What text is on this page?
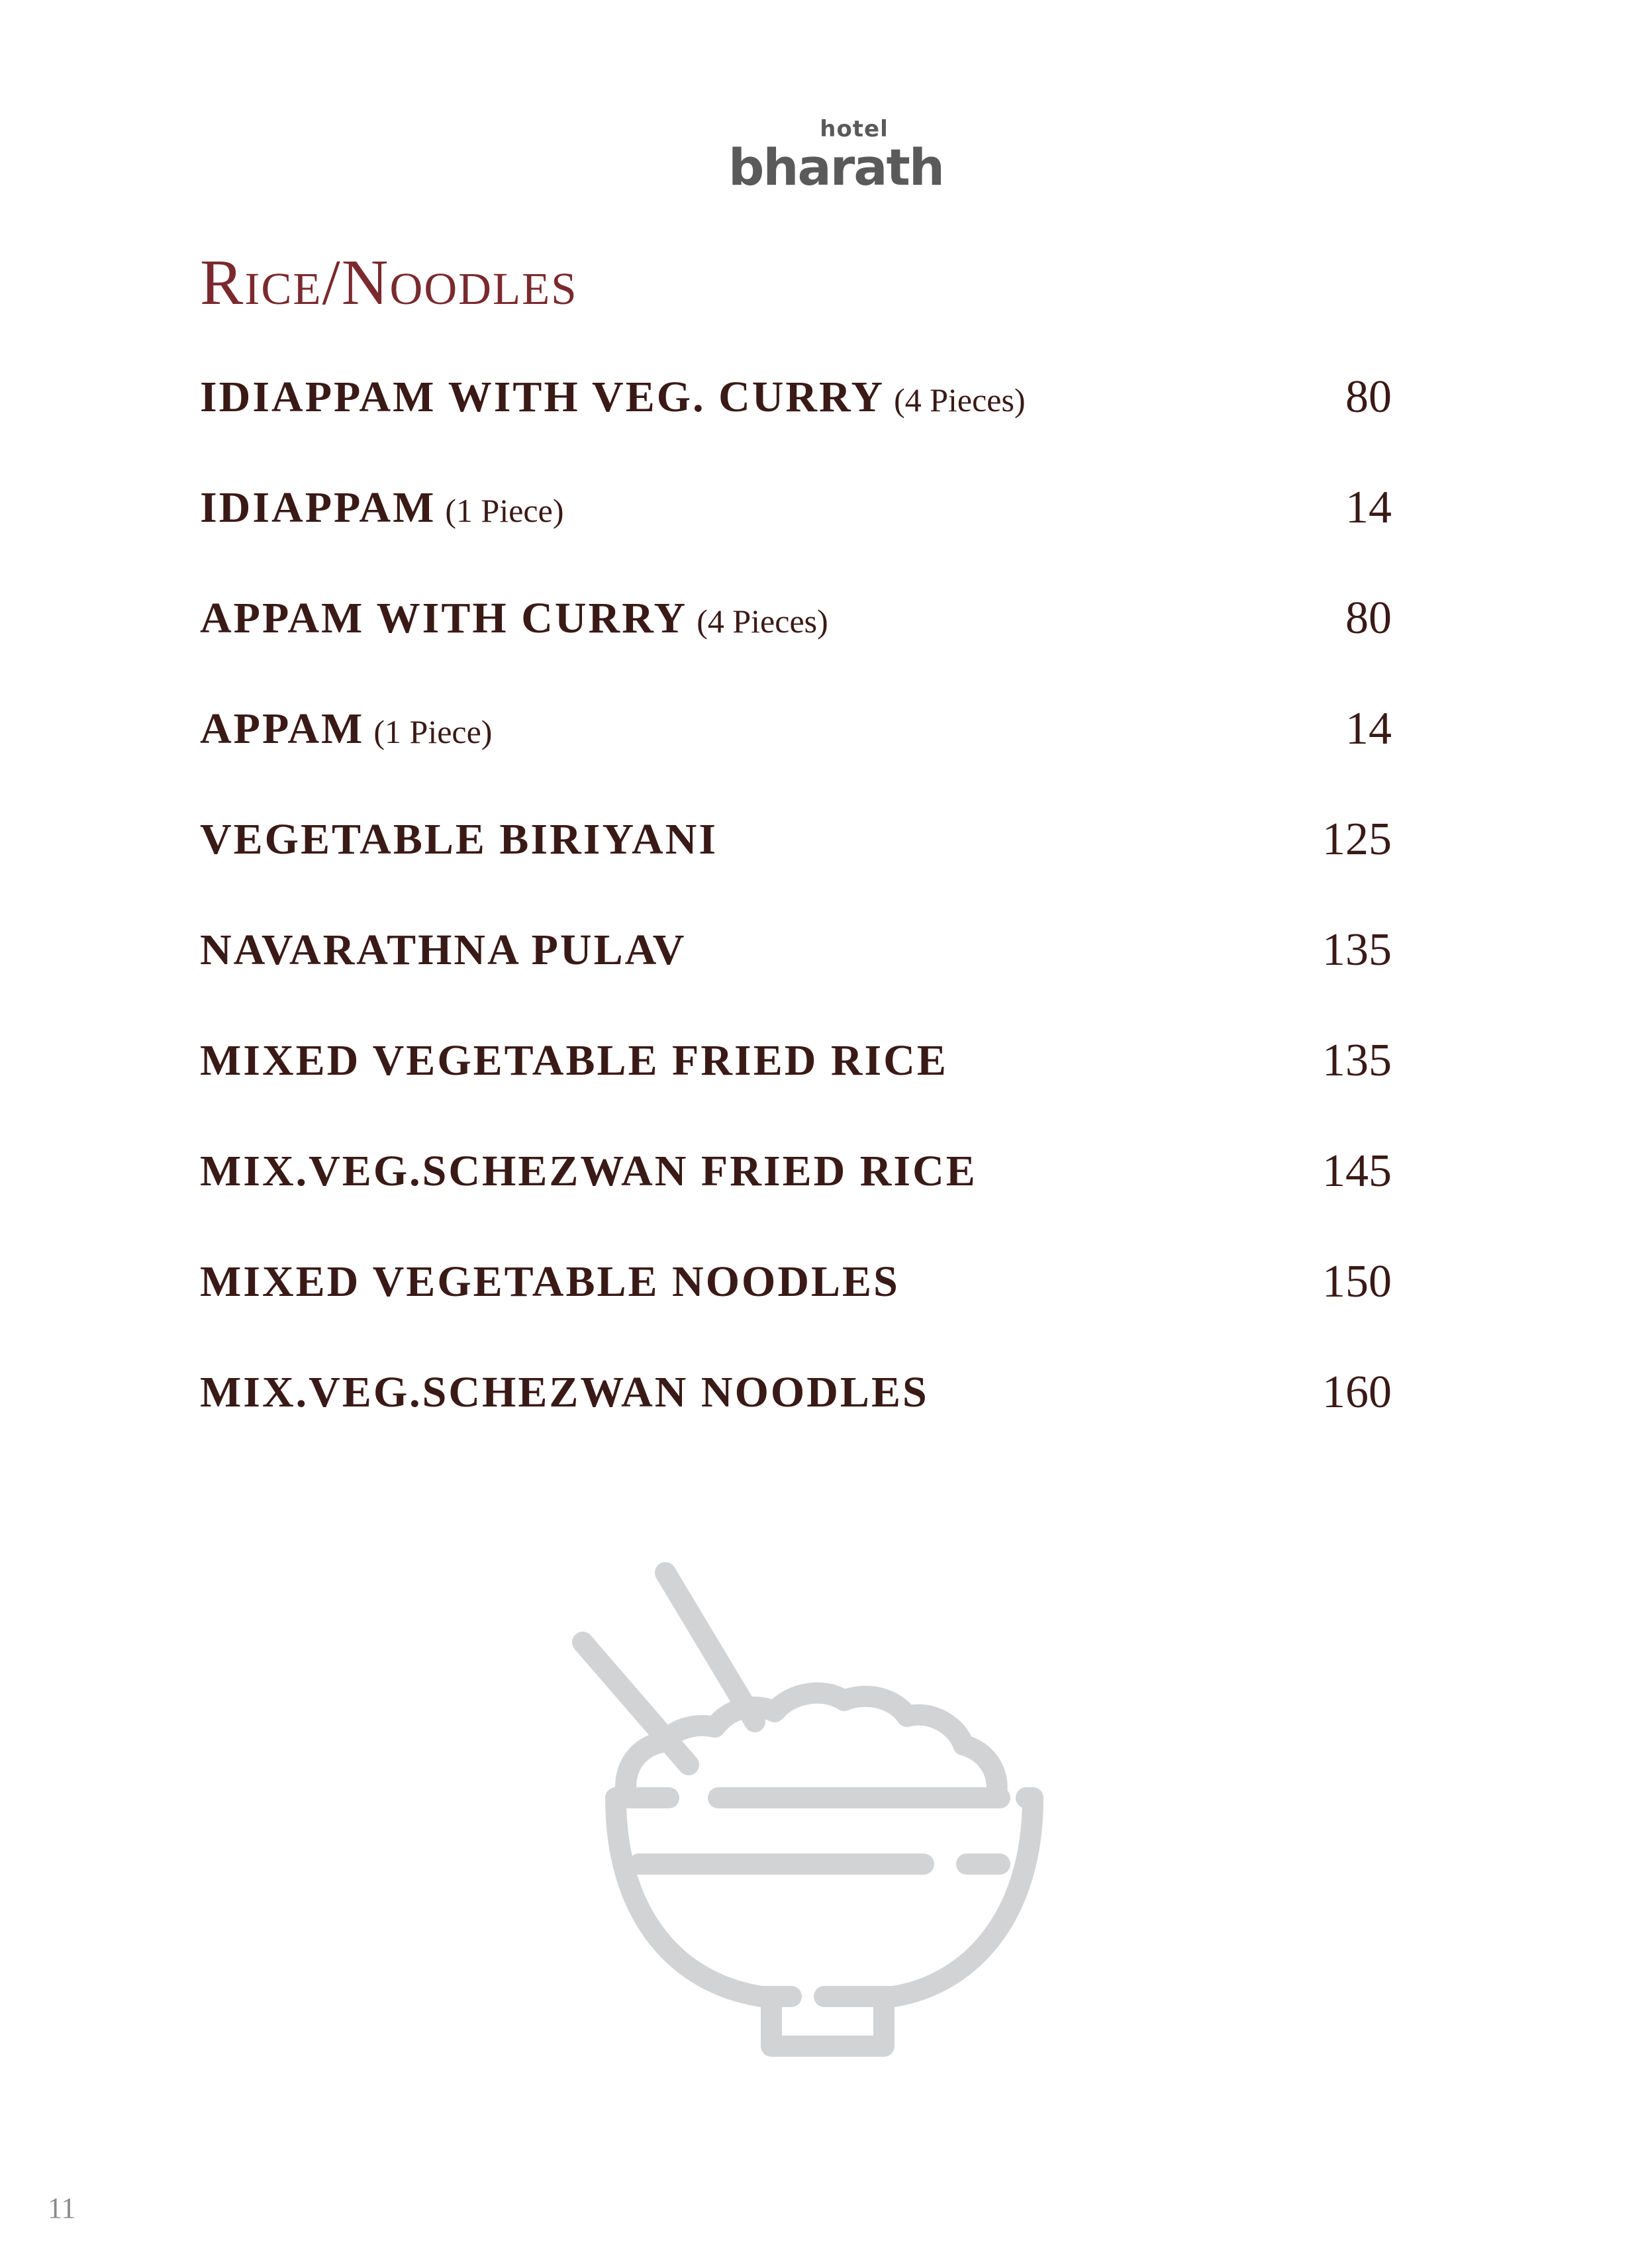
hotel
bharath
Rice/Noodles
IDIAPPAM WITH VEG. CURRY (4 Pieces)	80
IDIAPPAM (1 Piece)	14
APPAM WITH CURRY (4 Pieces)	80
APPAM (1 Piece)	14
VEGETABLE BIRIYANI	125
NAVARATHNA PULAV	135
MIXED VEGETABLE FRIED RICE	135
MIX.VEG.SCHEZWAN FRIED RICE	145
MIXED VEGETABLE NOODLES	150
MIX.VEG.SCHEZWAN NOODLES	160
11
